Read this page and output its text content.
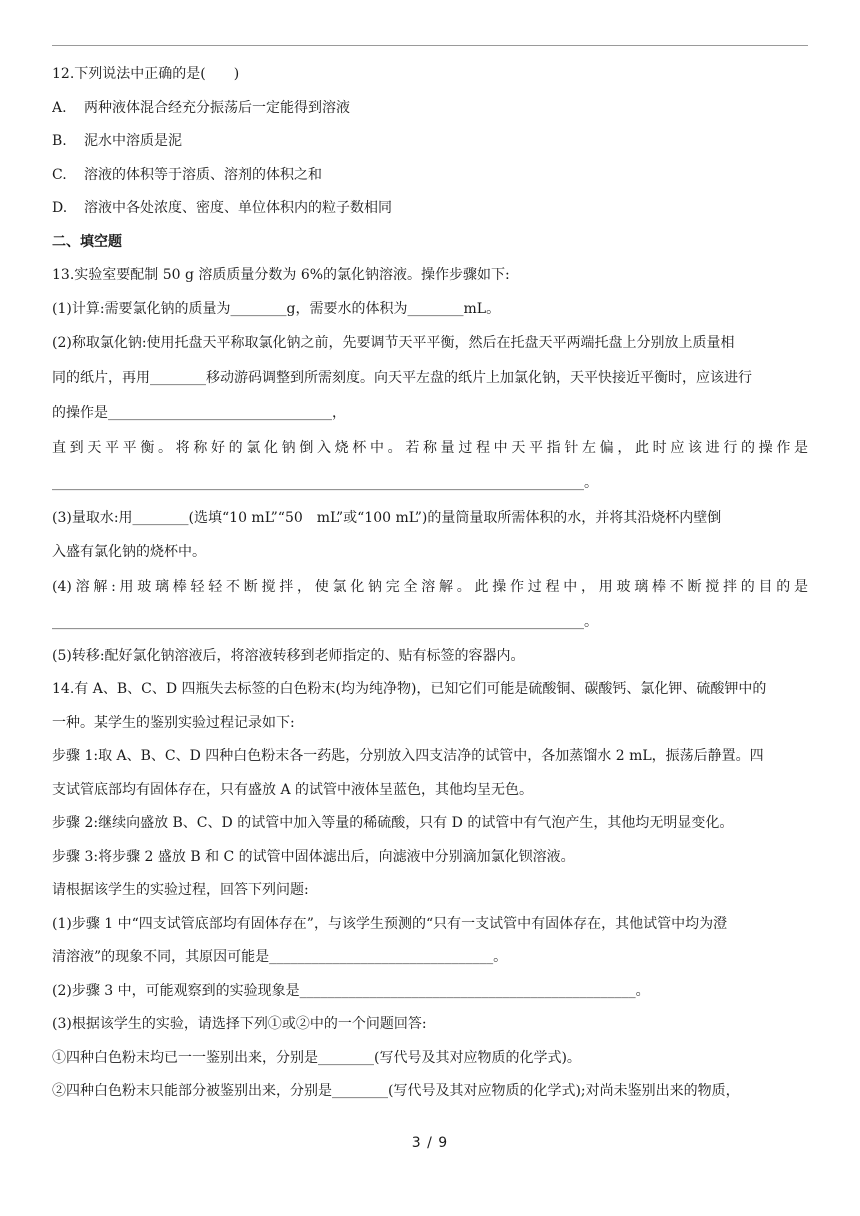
12.下列说法中正确的是(　　)
A. 两种液体混合经充分振荡后一定能得到溶液
B. 泥水中溶质是泥
C. 溶液的体积等于溶质、溶剂的体积之和
D. 溶液中各处浓度、密度、单位体积内的粒子数相同
二、填空题
13.实验室要配制 50 g 溶质质量分数为 6%的氯化钠溶液。操作步骤如下:
(1)计算:需要氯化钠的质量为________g，需要水的体积为________mL。
(2)称取氯化钠:使用托盘天平称取氯化钠之前，先要调节天平平衡，然后在托盘天平两端托盘上分别放上质量相
同的纸片，再用________移动游码调整到所需刻度。向天平左盘的纸片上加氯化钠，天平快接近平衡时，应该进行
的操作是________________________________，
直到天平平衡。将称好的氯化钠倒入烧杯中。若称量过程中天平指针左偏，此时应该进行的操作是
____________________________________________________________________________。
(3)量取水:用________(选填“10 mL”“50　mL”或“100 mL”)的量筒量取所需体积的水，并将其沿烧杯内壁倒
入盛有氯化钠的烧杯中。
(4)溶解:用玻璃棒轻轻不断搅拌，使氯化钠完全溶解。此操作过程中，用玻璃棒不断搅拌的目的是
____________________________________________________________________________。
(5)转移:配好氯化钠溶液后，将溶液转移到老师指定的、贴有标签的容器内。
14.有 A、B、C、D 四瓶失去标签的白色粉末(均为纯净物)，已知它们可能是硫酸铜、碳酸钙、氯化钾、硫酸钾中的
一种。某学生的鉴别实验过程记录如下:
步骤 1:取 A、B、C、D 四种白色粉末各一药匙，分别放入四支洁净的试管中，各加蒸馏水 2 mL，振荡后静置。四
支试管底部均有固体存在，只有盛放 A 的试管中液体呈蓝色，其他均呈无色。
步骤 2:继续向盛放 B、C、D 的试管中加入等量的稀硫酸，只有 D 的试管中有气泡产生，其他均无明显变化。
步骤 3:将步骤 2 盛放 B 和 C 的试管中固体滤出后，向滤液中分别滴加氯化钡溶液。
请根据该学生的实验过程，回答下列问题:
(1)步骤 1 中“四支试管底部均有固体存在”，与该学生预测的“只有一支试管中有固体存在，其他试管中均为澄
清溶液”的现象不同，其原因可能是________________________________。
(2)步骤 3 中，可能观察到的实验现象是________________________________________________。
(3)根据该学生的实验，请选择下列①或②中的一个问题回答:
①四种白色粉末均已一一鉴别出来，分别是________(写代号及其对应物质的化学式)。
②四种白色粉末只能部分被鉴别出来，分别是________(写代号及其对应物质的化学式);对尚未鉴别出来的物质，
3 / 9
